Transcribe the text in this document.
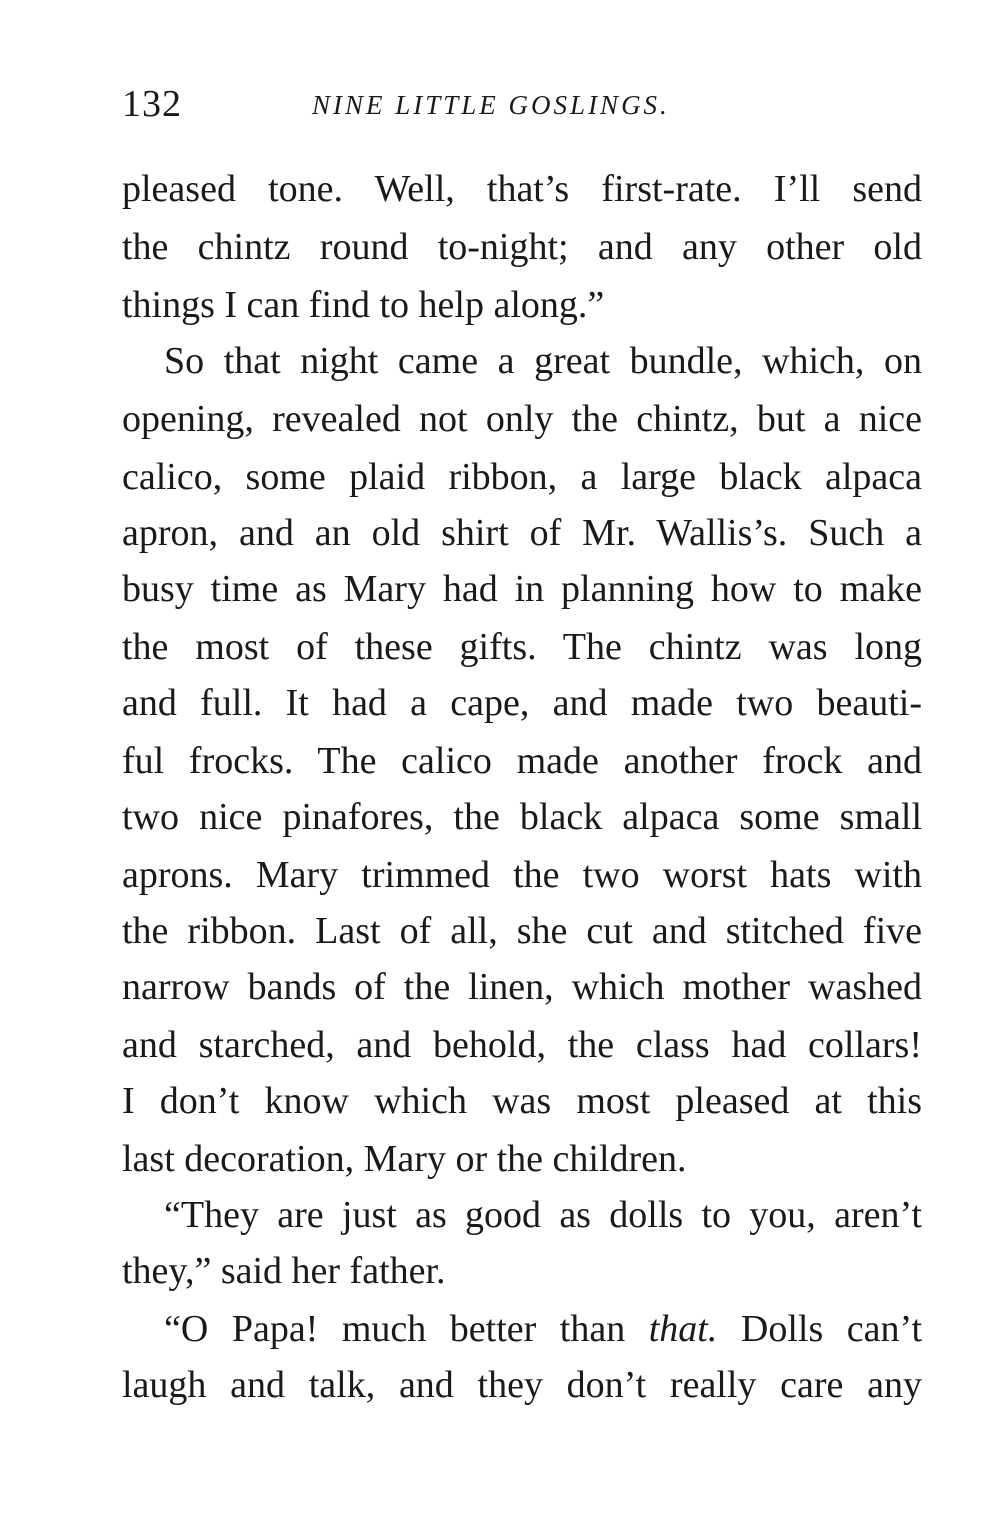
132	NINE LITTLE GOSLINGS.
pleased tone. Well, that’s first-rate. I’ll send
the chintz round to-night; and any other old
things I can find to help along.”
So that night came a great bundle, which, on
opening, revealed not only the chintz, but a nice
calico, some plaid ribbon, a large black alpaca
apron, and an old shirt of Mr. Wallis’s. Such a
busy time as Mary had in planning how to make
the most of these gifts. The chintz was long
and full. It had a cape, and made two beauti-
ful frocks. The calico made another frock and
two nice pinafores, the black alpaca some small
aprons. Mary trimmed the two worst hats with
the ribbon. Last of all, she cut and stitched five
narrow bands of the linen, which mother washed
and starched, and behold, the class had collars!
I don’t know which was most pleased at this
last decoration, Mary or the children.
“They are just as good as dolls to you, aren’t
they,” said her father.
“O Papa! much better than that. Dolls can’t
laugh and talk, and they don’t really care any
